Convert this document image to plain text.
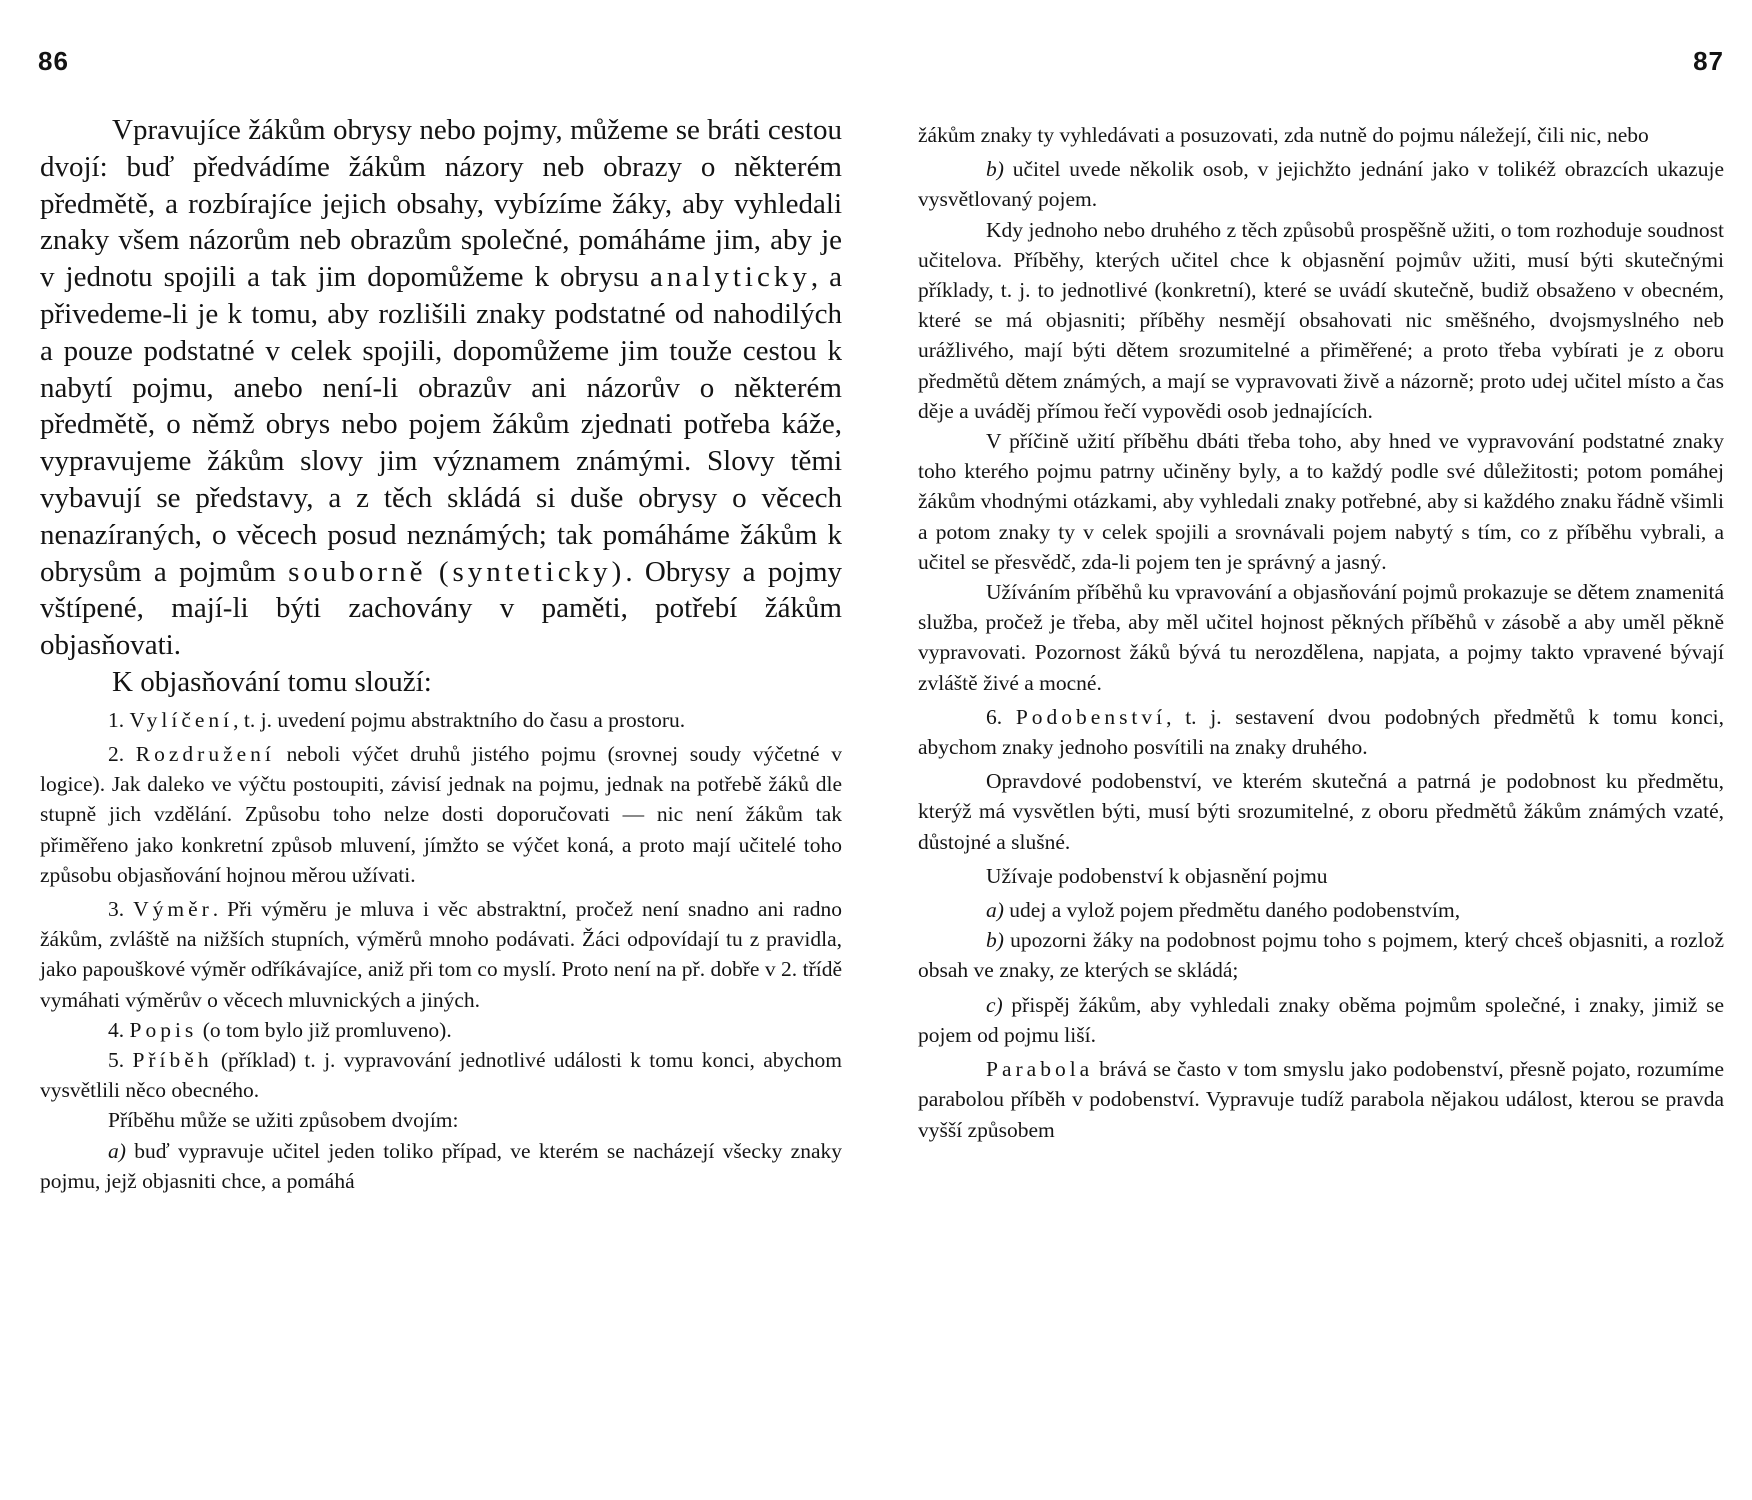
86

Vpravujíce žákům obrysy nebo pojmy, můžeme se bráti cestou dvojí: buď předvádíme žákům názory neb obrazy o některém předmětě, a rozbírajíce jejich obsahy, vybízíme žáky, aby vyhledali znaky všem názorům neb obrazům společné, pomáháme jim, aby je v jednotu spojili a tak jim dopomůžeme k obrysu analyticky, a přivedeme-li je k tomu, aby rozlišili znaky podstatné od nahodilých a pouze podstatné v celek spojili, dopomůžeme jim touže cestou k nabytí pojmu, anebo není-li obrazův ani názorův o některém předmětě, o němž obrys nebo pojem žákům zjednati potřeba káže, vypravujeme žákům slovy jim významem známými. Slovy těmi vybavují se představy, a z těch skládá si duše obrysy o věcech nenazíraných, o věcech posud neznámých; tak pomáháme žákům k obrysům a pojmům souborně (synteticky). Obrysy a pojmy vštípené, mají-li býti zachovány v paměti, potřebí žákům objasňovati.

K objasňování tomu slouží:

1. Vylíčení, t. j. uvedení pojmu abstraktního do času a prostoru.

2. Rozdružení neboli výčet druhů jistého pojmu (srovnej soudy výčetné v logice). Jak daleko ve výčtu postoupiti, závisí jednak na pojmu, jednak na potřebě žáků dle stupně jich vzdělání. Způsobu toho nelze dosti doporučovati — nic není žákům tak přiměřeno jako konkretní způsob mluvení, jímžto se výčet koná, a proto mají učitelé toho způsobu objasňování hojnou měrou užívati.

3. Výměr. Při výměru je mluva i věc abstraktní, pročež není snadno ani radno žákům, zvláště na nižších stupních, výměrů mnoho podávati. Žáci odpovídají tu z pravidla, jako papouškové výměr odříkávajíce, aniž při tom co myslí. Proto není na př. dobře v 2. třídě vymáhati výměrův o věcech mluvnických a jiných.

4. Popis (o tom bylo již promluveno).

5. Příběh (příklad) t. j. vypravování jednotlivé události k tomu konci, abychom vysvětlili něco obecného.

Příběhu může se užiti způsobem dvojím:

a) buď vypravuje učitel jeden toliko případ, ve kterém se nacházejí všecky znaky pojmu, jejž objasniti chce, a pomáhá

87

žákům znaky ty vyhledávati a posuzovati, zda nutně do pojmu náležejí, čili nic, nebo

b) učitel uvede několik osob, v jejichžto jednání jako v tolikéž obrazcích ukazuje vysvětlovaný pojem.

Kdy jednoho nebo druhého z těch způsobů prospěšně užiti, o tom rozhoduje soudnost učitelova. Příběhy, kterých učitel chce k objasnění pojmův užiti, musí býti skutečnými příklady, t. j. to jednotlivé (konkretní), které se uvádí skutečně, budiž obsaženo v obecném, které se má objasniti; příběhy nesmějí obsahovati nic směšného, dvojsmyslného neb urážlivého, mají býti dětem srozumitelné a přiměřené; a proto třeba vybírati je z oboru předmětů dětem známých, a mají se vypravovati živě a názorně; proto udej učitel místo a čas děje a uváděj přímou řečí vypovědi osob jednajících.

V příčině užití příběhu dbáti třeba toho, aby hned ve vypravování podstatné znaky toho kterého pojmu patrny učiněny byly, a to každý podle své důležitosti; potom pomáhej žákům vhodnými otázkami, aby vyhledali znaky potřebné, aby si každého znaku řádně všimli a potom znaky ty v celek spojili a srovnávali pojem nabytý s tím, co z příběhu vybrali, a učitel se přesvědč, zda-li pojem ten je správný a jasný.

Užíváním příběhů ku vpravování a objasňování pojmů prokazuje se dětem znamenitá služba, pročež je třeba, aby měl učitel hojnost pěkných příběhů v zásobě a aby uměl pěkně vypravovati. Pozornost žáků bývá tu nerozdělena, napjata, a pojmy takto vpravené bývají zvláště živé a mocné.

6. Podobenství, t. j. sestavení dvou podobných předmětů k tomu konci, abychom znaky jednoho posvítili na znaky druhého.

Opravdové podobenství, ve kterém skutečná a patrná je podobnost ku předmětu, kterýž má vysvětlen býti, musí býti srozumitelné, z oboru předmětů žákům známých vzaté, důstojné a slušné.

Užívaje podobenství k objasnění pojmu

a) udej a vylož pojem předmětu daného podobenstvím,

b) upozorni žáky na podobnost pojmu toho s pojmem, který chceš objasniti, a rozlož obsah ve znaky, ze kterých se skládá;

c) přispěj žákům, aby vyhledali znaky oběma pojmům společné, i znaky, jimiž se pojem od pojmu liší.

Parabola brává se často v tom smyslu jako podobenství, přesně pojato, rozumíme parabolou příběh v podobenství. Vypravuje tudíž parabola nějakou událost, kterou se pravda vyšší způsobem
